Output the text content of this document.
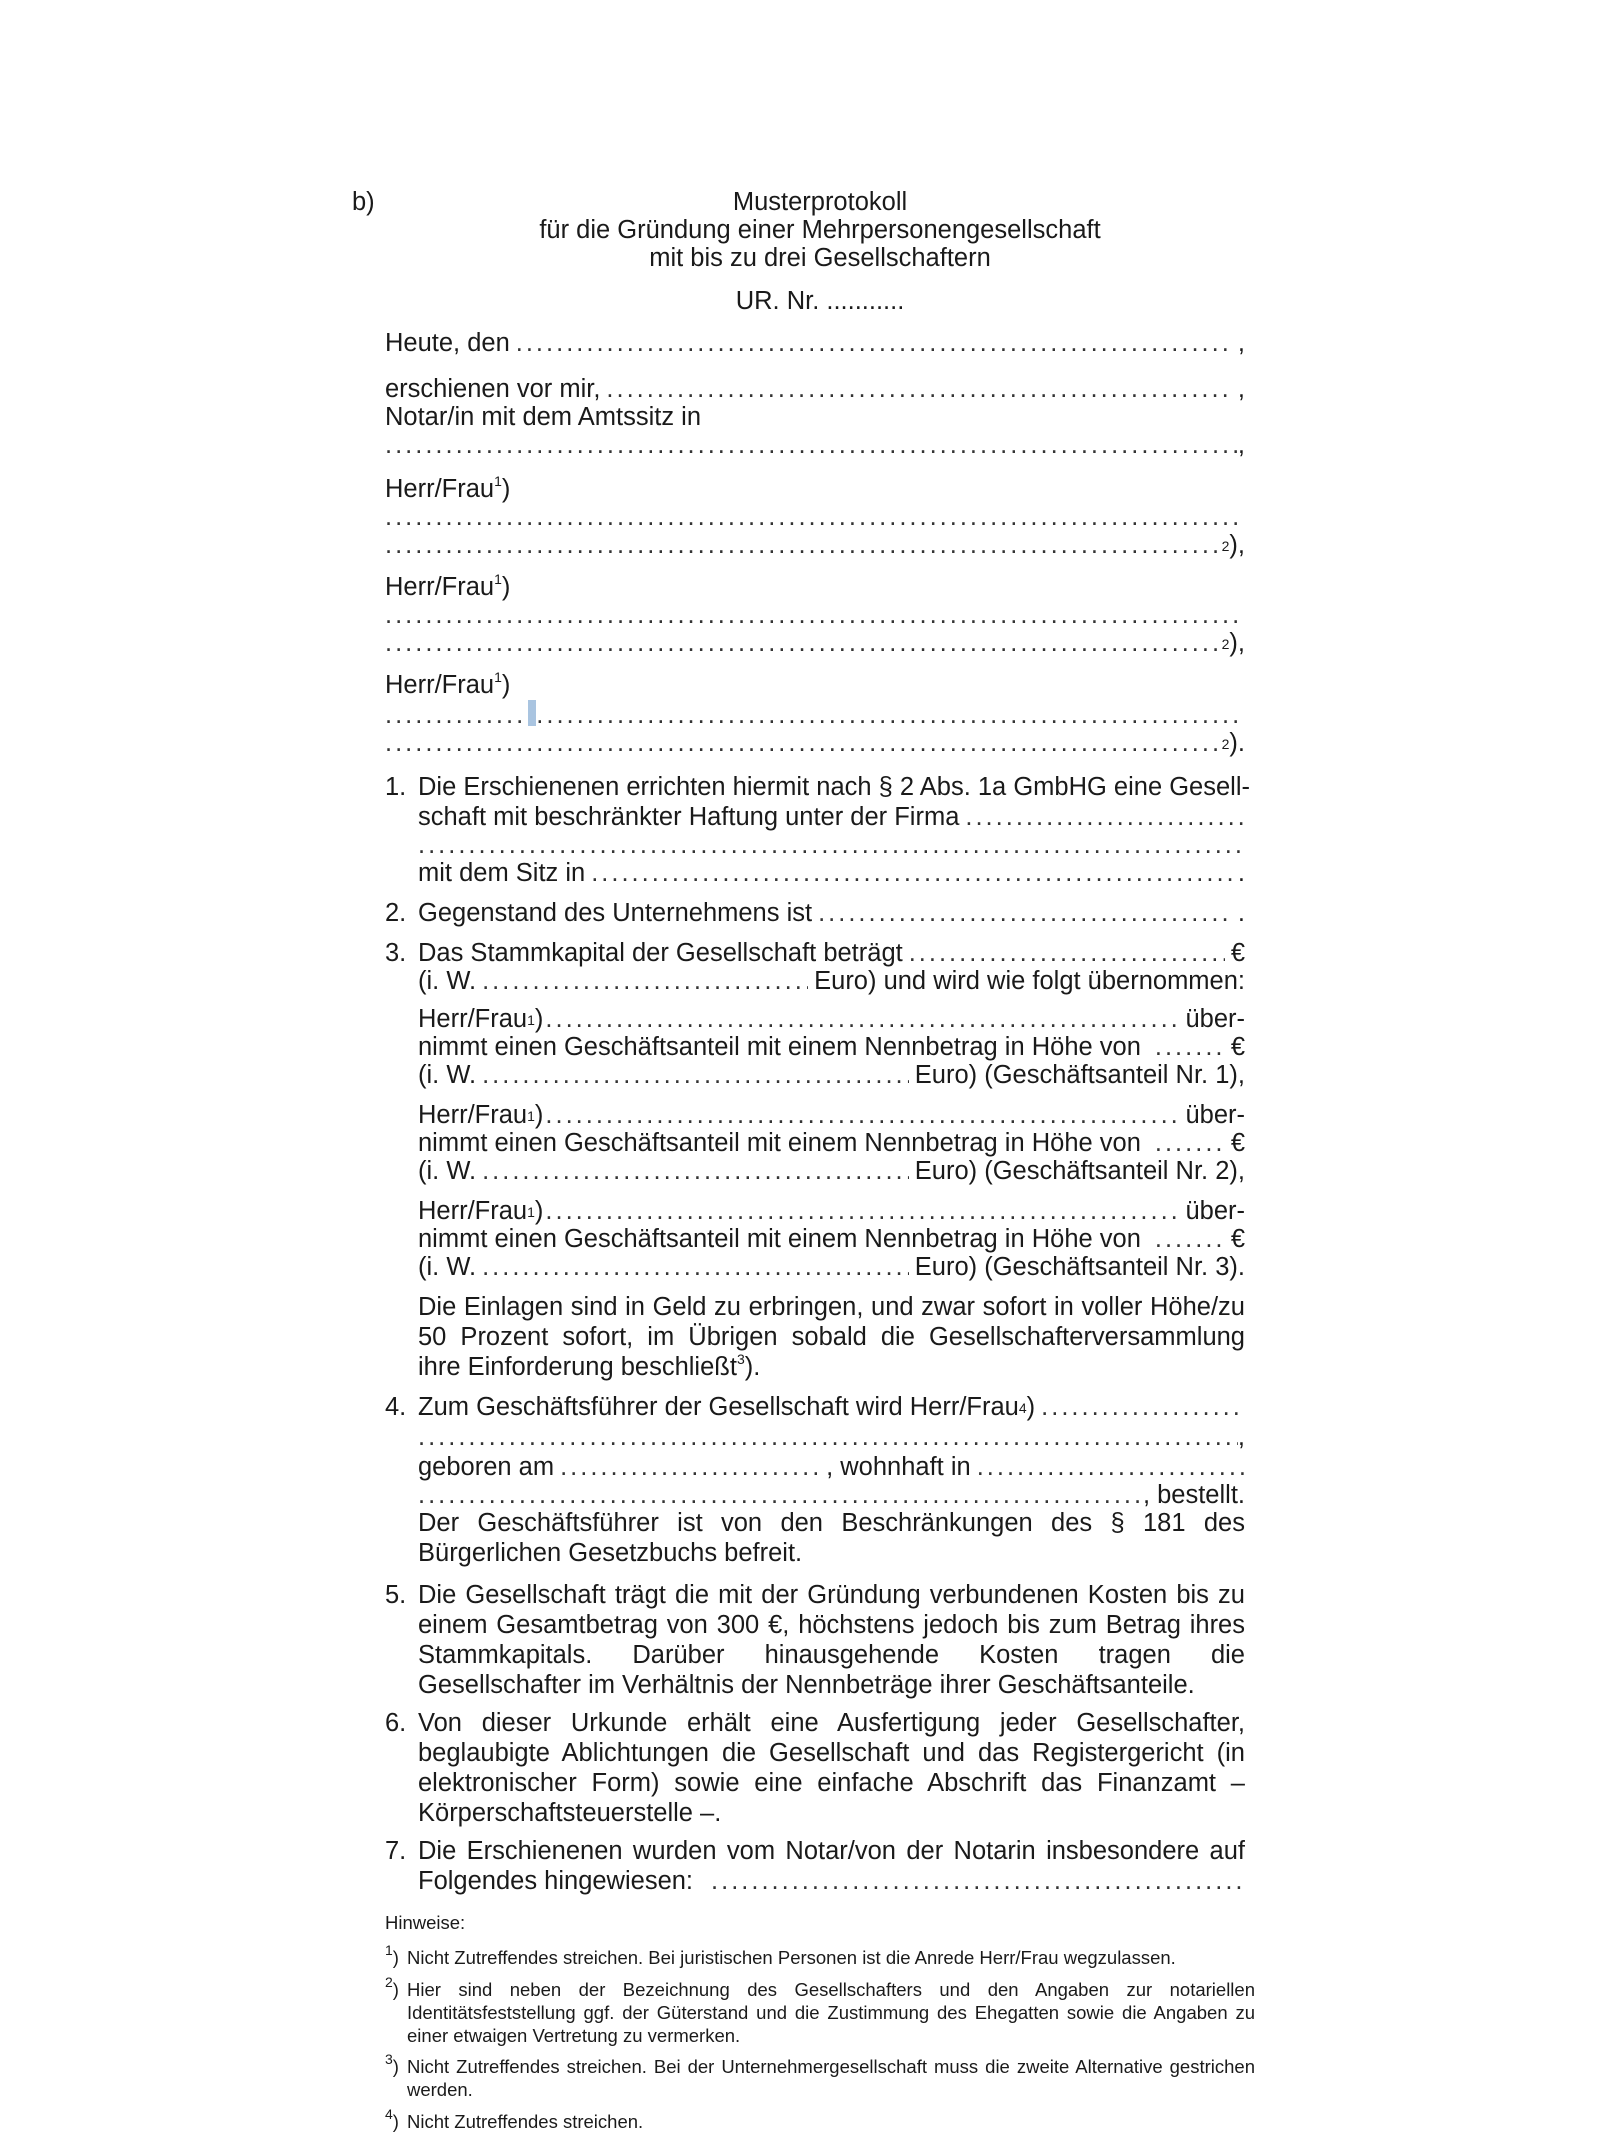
b)	Musterprotokoll
für die Gründung einer Mehrpersonengesellschaft
mit bis zu drei Gesellschaftern
UR. Nr. ...........
Heute, den .....	,
erschienen vor mir, .....	,
Notar/in mit dem Amtssitz in
.....
,
Herr/Frau$^1$)
.....
.....
$^2$ ),
Herr/Frau$^1$)
.....
.....
$^2$ ),
Herr/Frau$^1$)
.....
.....
$^2$ ).
1. Die Erschienenen errichten hiermit nach § 2 Abs. 1a GmbHG eine Gesell-
schaft mit beschränkter Haftung unter der Firma
.....
.....
mit dem Sitz in .....	.
2. Gegenstand des Unternehmens ist .....	.
3. Das Stammkapital der Gesellschaft beträgt .....	€
(i. W. .....	Euro) und wird wie folgt übernommen:
Herr/Frau$^1$ ) .....	über-
nimmt einen Geschäftsanteil mit einem Nennbetrag in Höhe von .....	€
(i. W. .....	Euro) (Geschäftsanteil Nr. 1),
Herr/Frau$^1$ ) .....	über-
nimmt einen Geschäftsanteil mit einem Nennbetrag in Höhe von .....	€
(i. W. .....	Euro) (Geschäftsanteil Nr. 2),
Herr/Frau$^1$ ) .....	über-
nimmt einen Geschäftsanteil mit einem Nennbetrag in Höhe von .....	€
(i. W. .....	Euro) (Geschäftsanteil Nr. 3).
Die Einlagen sind in Geld zu erbringen, und zwar sofort in voller Höhe/zu 50 Prozent sofort, im Übrigen sobald die Gesellschafterversammlung ihre Einforderung beschließt$^3$).
4. Zum Geschäftsführer der Gesellschaft wird Herr/Frau$^4$ )
.....
.....
,
geboren am .....	, wohnhaft in
.....
.....
, bestellt.
Der Geschäftsführer ist von den Beschränkungen des § 181 des Bürgerlichen Gesetzbuchs befreit.
5. Die Gesellschaft trägt die mit der Gründung verbundenen Kosten bis zu einem Gesamtbetrag von 300 €, höchstens jedoch bis zum Betrag ihres Stammkapitals. Darüber hinausgehende Kosten tragen die Gesellschafter im Verhältnis der Nennbeträge ihrer Geschäftsanteile.
6. Von dieser Urkunde erhält eine Ausfertigung jeder Gesellschafter, beglaubigte Ablichtungen die Gesellschaft und das Registergericht (in elektronischer Form) sowie eine einfache Abschrift das Finanzamt – Körperschaftsteuerstelle –.
7. Die Erschienenen wurden vom Notar/von der Notarin insbesondere auf
Folgendes hingewiesen:
.....
Hinweise:
$^1$) Nicht Zutreffendes streichen. Bei juristischen Personen ist die Anrede Herr/Frau wegzulassen.
$^2$) Hier sind neben der Bezeichnung des Gesellschafters und den Angaben zur notariellen Identitätsfeststellung ggf. der Güterstand und die Zustimmung des Ehegatten sowie die Angaben zu einer etwaigen Vertretung zu vermerken.
$^3$) Nicht Zutreffendes streichen. Bei der Unternehmergesellschaft muss die zweite Alternative gestrichen werden.
$^4$) Nicht Zutreffendes streichen.
